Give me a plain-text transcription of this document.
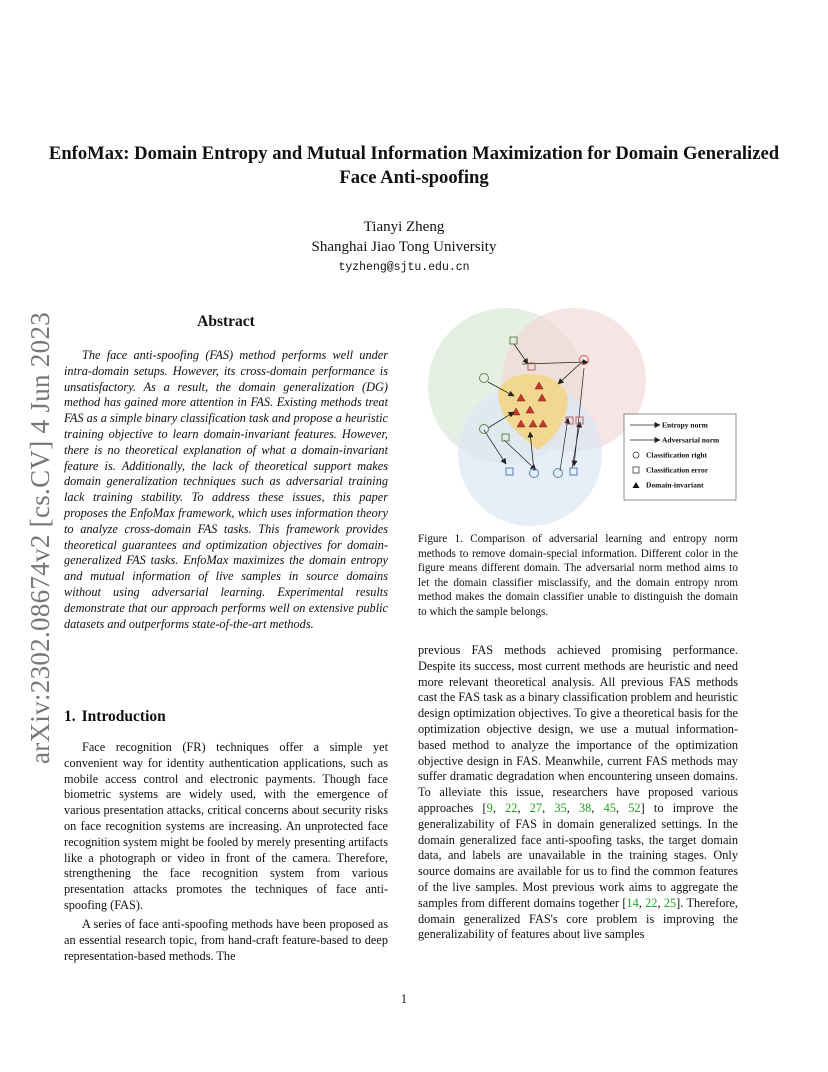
arXiv:2302.08674v2 [cs.CV] 4 Jun 2023
EnfoMax: Domain Entropy and Mutual Information Maximization for Domain Generalized Face Anti-spoofing
Tianyi Zheng
Shanghai Jiao Tong University
tyzheng@sjtu.edu.cn
Abstract

The face anti-spoofing (FAS) method performs well under intra-domain setups. However, its cross-domain performance is unsatisfactory. As a result, the domain generalization (DG) method has gained more attention in FAS. Existing methods treat FAS as a simple binary classification task and propose a heuristic training objective to learn domain-invariant features. However, there is no theoretical explanation of what a domain-invariant feature is. Additionally, the lack of theoretical support makes domain generalization techniques such as adversarial training lack training stability. To address these issues, this paper proposes the EnfoMax framework, which uses information theory to analyze cross-domain FAS tasks. This framework provides theoretical guarantees and optimization objectives for domain-generalized FAS tasks. EnfoMax maximizes the domain entropy and mutual information of live samples in source domains without using adversarial learning. Experimental results demonstrate that our approach performs well on extensive public datasets and outperforms state-of-the-art methods.

1. Introduction

Face recognition (FR) techniques offer a simple yet convenient way for identity authentication applications, such as mobile access control and electronic payments. Though face biometric systems are widely used, with the emergence of various presentation attacks, critical concerns about security risks on face recognition systems are increasing. An unprotected face recognition system might be fooled by merely presenting artifacts like a photograph or video in front of the camera. Therefore, strengthening the face recognition system from various presentation attacks promotes the techniques of face anti-spoofing (FAS).

A series of face anti-spoofing methods have been proposed as an essential research topic, from hand-craft feature-based to deep representation-based methods. The

Entropy norm
Adversarial norm
Classification right
Classification error
Domain-invariant

Figure 1. Comparison of adversarial learning and entropy norm methods to remove domain-special information. Different color in the figure means different domain. The adversarial norm method aims to let the domain classifier misclassify, and the domain entropy nrom method makes the domain classifier unable to distinguish the domain to which the sample belongs.

previous FAS methods achieved promising performance. Despite its success, most current methods are heuristic and need more relevant theoretical analysis. All previous FAS methods cast the FAS task as a binary classification problem and heuristic design optimization objectives. To give a theoretical basis for the optimization objective design, we use a mutual information-based method to analyze the importance of the optimization objective design in FAS. Meanwhile, current FAS methods may suffer dramatic degradation when encountering unseen domains. To alleviate this issue, researchers have proposed various approaches [9, 22, 27, 35, 38, 45, 52] to improve the generalizability of FAS in domain generalized settings. In the domain generalized face anti-spoofing tasks, the target domain data, and labels are unavailable in the training stages. Only source domains are available for us to find the common features of the live samples. Most previous work aims to aggregate the samples from different domains together [14, 22, 25]. Therefore, domain generalized FAS's core problem is improving the generalizability of features about live samples

1
